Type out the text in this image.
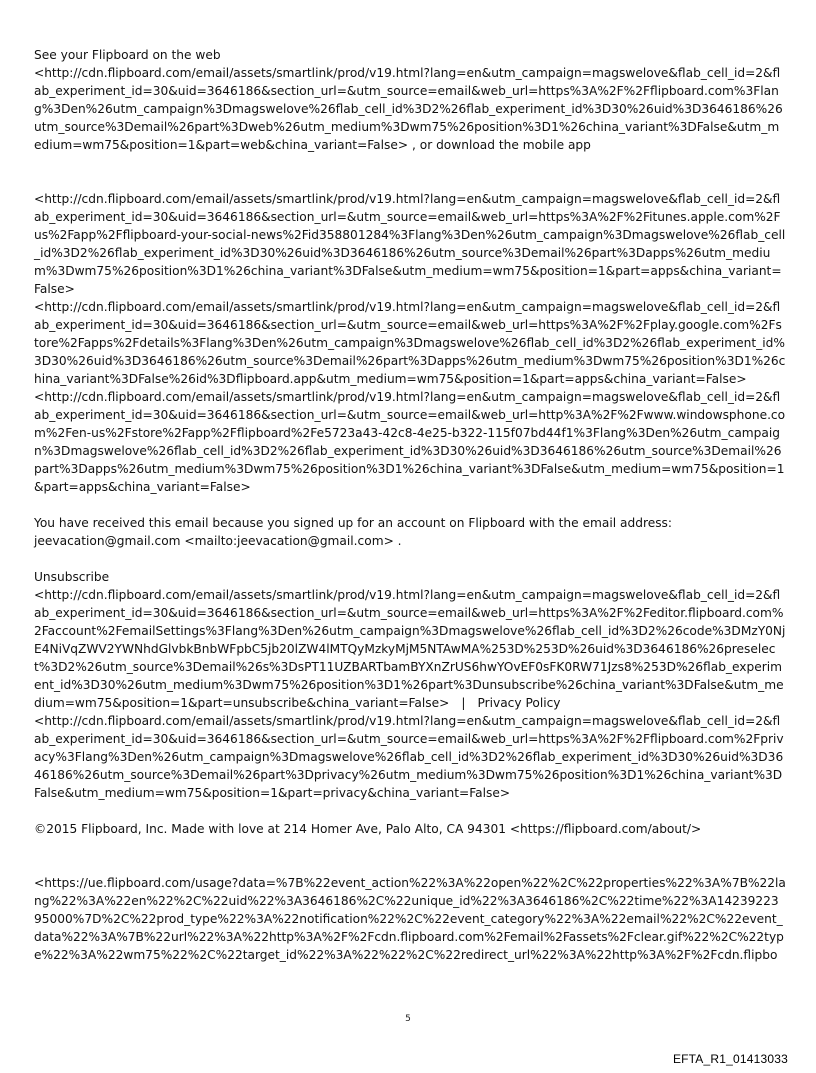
See your Flipboard on the web

<http://cdn.flipboard.com/email/assets/smartlink/prod/v19.html?lang=en&utm_campaign=magswelove&flab_cell_id=2&flab_experiment_id=30&uid=3646186&section_url=&utm_source=email&web_url=https%3A%2F%2Fflipboard.com%3Flang%3Den%26utm_campaign%3Dmagswelove%26flab_cell_id%3D2%26flab_experiment_id%3D30%26uid%3D3646186%26utm_source%3Demail%26part%3Dweb%26utm_medium%3Dwm75%26position%3D1%26china_variant%3DFalse&utm_medium=wm75&position=1&part=web&china_variant=False> , or download the mobile app

<http://cdn.flipboard.com/email/assets/smartlink/prod/v19.html?lang=en&utm_campaign=magswelove&flab_cell_id=2&flab_experiment_id=30&uid=3646186&section_url=&utm_source=email&web_url=https%3A%2F%2Fitunes.apple.com%2Fus%2Fapp%2Fflipboard-your-social-news%2Fid358801284%3Flang%3Den%26utm_campaign%3Dmagswelove%26flab_cell_id%3D2%26flab_experiment_id%3D30%26uid%3D3646186%26utm_source%3Demail%26part%3Dapps%26utm_medium%3Dwm75%26position%3D1%26china_variant%3DFalse&utm_medium=wm75&position=1&part=apps&china_variant=False>

<http://cdn.flipboard.com/email/assets/smartlink/prod/v19.html?lang=en&utm_campaign=magswelove&flab_cell_id=2&flab_experiment_id=30&uid=3646186&section_url=&utm_source=email&web_url=https%3A%2F%2Fplay.google.com%2Fstore%2Fapps%2Fdetails%3Flang%3Den%26utm_campaign%3Dmagswelove%26flab_cell_id%3D2%26flab_experiment_id%3D30%26uid%3D3646186%26utm_source%3Demail%26part%3Dapps%26utm_medium%3Dwm75%26position%3D1%26china_variant%3DFalse%26id%3Dflipboard.app&utm_medium=wm75&position=1&part=apps&china_variant=False>

<http://cdn.flipboard.com/email/assets/smartlink/prod/v19.html?lang=en&utm_campaign=magswelove&flab_cell_id=2&flab_experiment_id=30&uid=3646186&section_url=&utm_source=email&web_url=http%3A%2F%2Fwww.windowsphone.com%2Fen-us%2Fstore%2Fapp%2Fflipboard%2Fe5723a43-42c8-4e25-b322-115f07bd44f1%3Flang%3Den%26utm_campaign%3Dmagswelove%26flab_cell_id%3D2%26flab_experiment_id%3D30%26uid%3D3646186%26utm_source%3Demail%26part%3Dapps%26utm_medium%3Dwm75%26position%3D1%26china_variant%3DFalse&utm_medium=wm75&position=1&part=apps&china_variant=False>

You have received this email because you signed up for an account on Flipboard with the email address:

jeevacation@gmail.com <mailto:jeevacation@gmail.com> .

Unsubscribe

<http://cdn.flipboard.com/email/assets/smartlink/prod/v19.html?lang=en&utm_campaign=magswelove&flab_cell_id=2&flab_experiment_id=30&uid=3646186&section_url=&utm_source=email&web_url=https%3A%2F%2Feditor.flipboard.com%2Faccount%2FemailSettings%3Flang%3Den%26utm_campaign%3Dmagswelove%26flab_cell_id%3D2%26code%3DMzY0NjE4NiVqZWV2YWNhdGlvbkBnbWFpbC5jb20lZW4lMTQyMzkyMjM5NTAwMA%253D%253D%26uid%3D3646186%26preselect%3D2%26utm_source%3Demail%26s%3DsPT11UZBARTbamBYXnZrUS6hwYOvEF0sFK0RW71Jzs8%253D%26flab_experiment_id%3D30%26utm_medium%3Dwm75%26position%3D1%26part%3Dunsubscribe%26china_variant%3DFalse&utm_medium=wm75&position=1&part=unsubscribe&china_variant=False> | Privacy Policy

<http://cdn.flipboard.com/email/assets/smartlink/prod/v19.html?lang=en&utm_campaign=magswelove&flab_cell_id=2&flab_experiment_id=30&uid=3646186&section_url=&utm_source=email&web_url=https%3A%2F%2Fflipboard.com%2Fprivacy%3Flang%3Den%26utm_campaign%3Dmagswelove%26flab_cell_id%3D2%26flab_experiment_id%3D30%26uid%3D3646186%26utm_source%3Demail%26part%3Dprivacy%26utm_medium%3Dwm75%26position%3D1%26china_variant%3DFalse&utm_medium=wm75&position=1&part=privacy&china_variant=False>

©2015 Flipboard, Inc. Made with love at 214 Homer Ave, Palo Alto, CA 94301 <https://flipboard.com/about/>

<https://ue.flipboard.com/usage?data=%7B%22event_action%22%3A%22open%22%2C%22properties%22%3A%7B%22lang%22%3A%22en%22%2C%22uid%22%3A3646186%2C%22unique_id%22%3A3646186%2C%22time%22%3A1423922395000%7D%2C%22prod_type%22%3A%22notification%22%2C%22event_category%22%3A%22email%22%2C%22event_data%22%3A%7B%22url%22%3A%22http%3A%2F%2Fcdn.flipboard.com%2Femail%2Fassets%2Fclear.gif%22%2C%22type%22%3A%22wm75%22%2C%22target_id%22%3A%22%22%2C%22redirect_url%22%3A%22http%3A%2F%2Fcdn.flipbo

5
EFTA_R1_01413033
